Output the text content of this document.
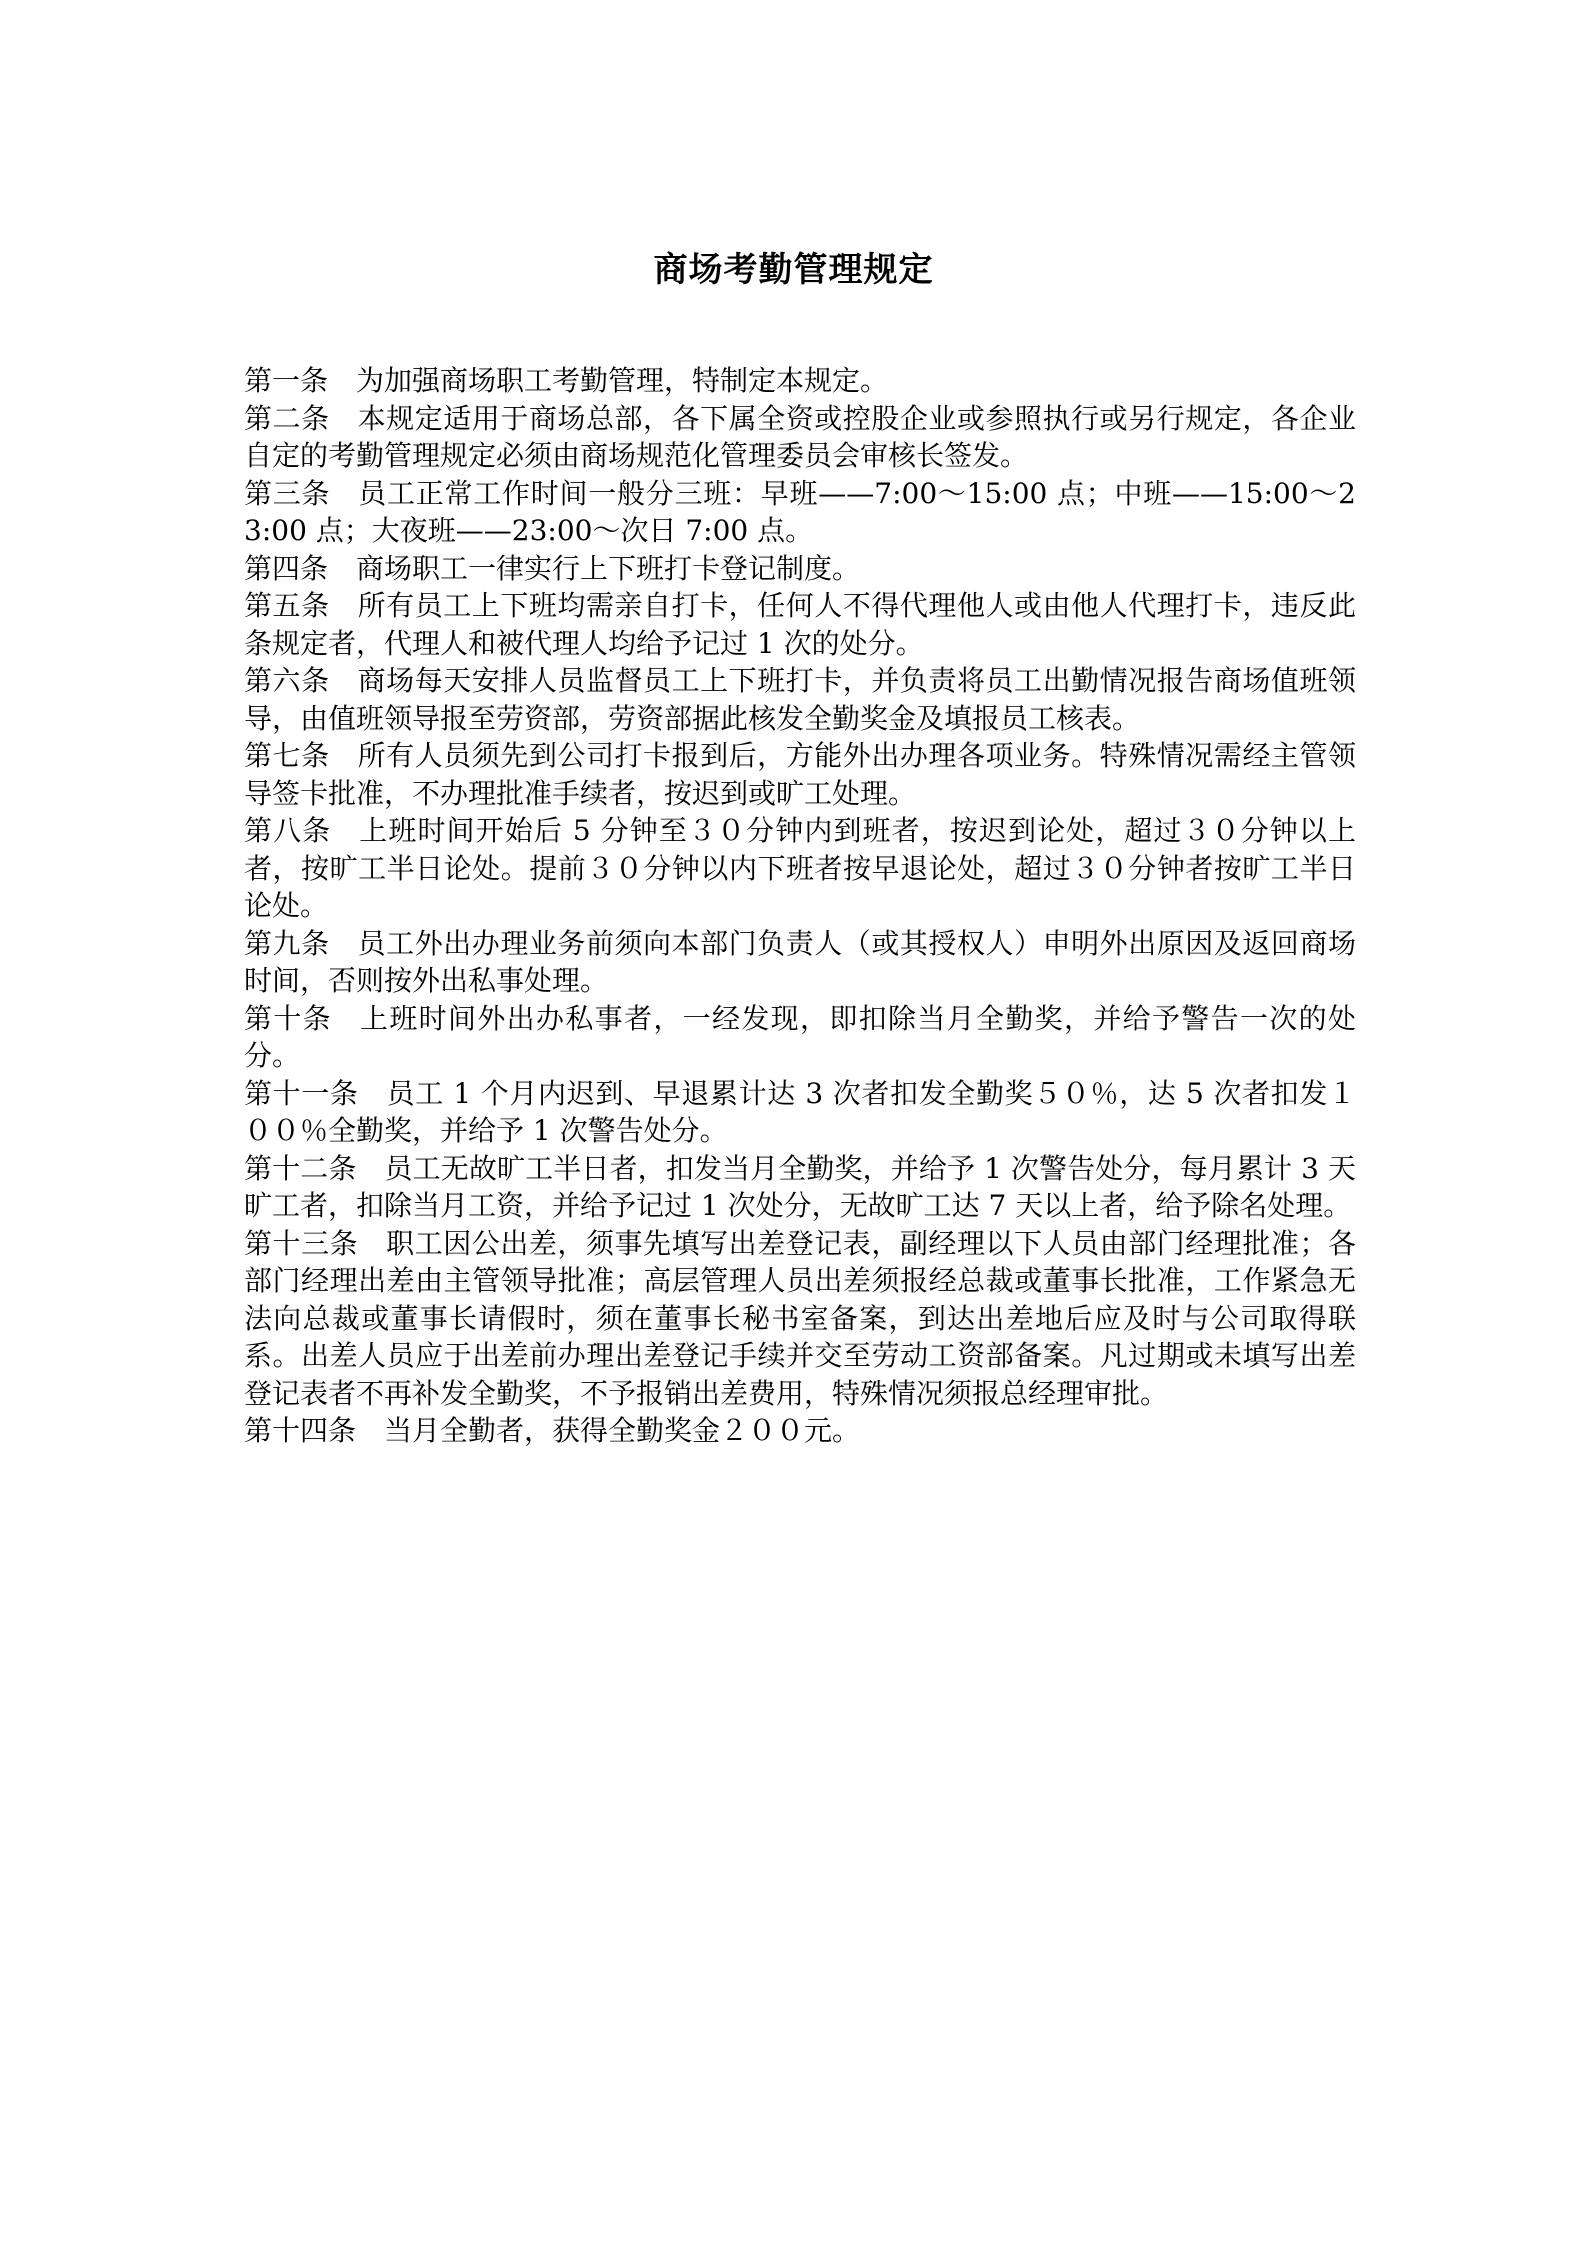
商场考勤管理规定

第一条 为加强商场职工考勤管理，特制定本规定。

第二条 本规定适用于商场总部，各下属全资或控股企业或参照执行或另行规定，各企业自定的考勤管理规定必须由商场规范化管理委员会审核长签发。

第三条 员工正常工作时间一般分三班：早班——7:00～15:00 点；中班——15:00～23:00 点；大夜班——23:00～次日 7:00 点。

第四条 商场职工一律实行上下班打卡登记制度。

第五条 所有员工上下班均需亲自打卡，任何人不得代理他人或由他人代理打卡，违反此条规定者，代理人和被代理人均给予记过 1 次的处分。

第六条 商场每天安排人员监督员工上下班打卡，并负责将员工出勤情况报告商场值班领导，由值班领导报至劳资部，劳资部据此核发全勤奖金及填报员工核表。

第七条 所有人员须先到公司打卡报到后，方能外出办理各项业务。特殊情况需经主管领导签卡批准，不办理批准手续者，按迟到或旷工处理。

第八条 上班时间开始后 5 分钟至３０分钟内到班者，按迟到论处，超过３０分钟以上者，按旷工半日论处。提前３０分钟以内下班者按早退论处，超过３０分钟者按旷工半日论处。

第九条 员工外出办理业务前须向本部门负责人（或其授权人）申明外出原因及返回商场时间，否则按外出私事处理。

第十条 上班时间外出办私事者，一经发现，即扣除当月全勤奖，并给予警告一次的处分。

第十一条 员工 1 个月内迟到、早退累计达 3 次者扣发全勤奖５０％，达 5 次者扣发１００％全勤奖，并给予 1 次警告处分。

第十二条 员工无故旷工半日者，扣发当月全勤奖，并给予 1 次警告处分，每月累计 3 天旷工者，扣除当月工资，并给予记过 1 次处分，无故旷工达 7 天以上者，给予除名处理。

第十三条 职工因公出差，须事先填写出差登记表，副经理以下人员由部门经理批准；各部门经理出差由主管领导批准；高层管理人员出差须报经总裁或董事长批准，工作紧急无法向总裁或董事长请假时，须在董事长秘书室备案，到达出差地后应及时与公司取得联系。出差人员应于出差前办理出差登记手续并交至劳动工资部备案。凡过期或未填写出差登记表者不再补发全勤奖，不予报销出差费用，特殊情况须报总经理审批。

第十四条 当月全勤者，获得全勤奖金２００元。
